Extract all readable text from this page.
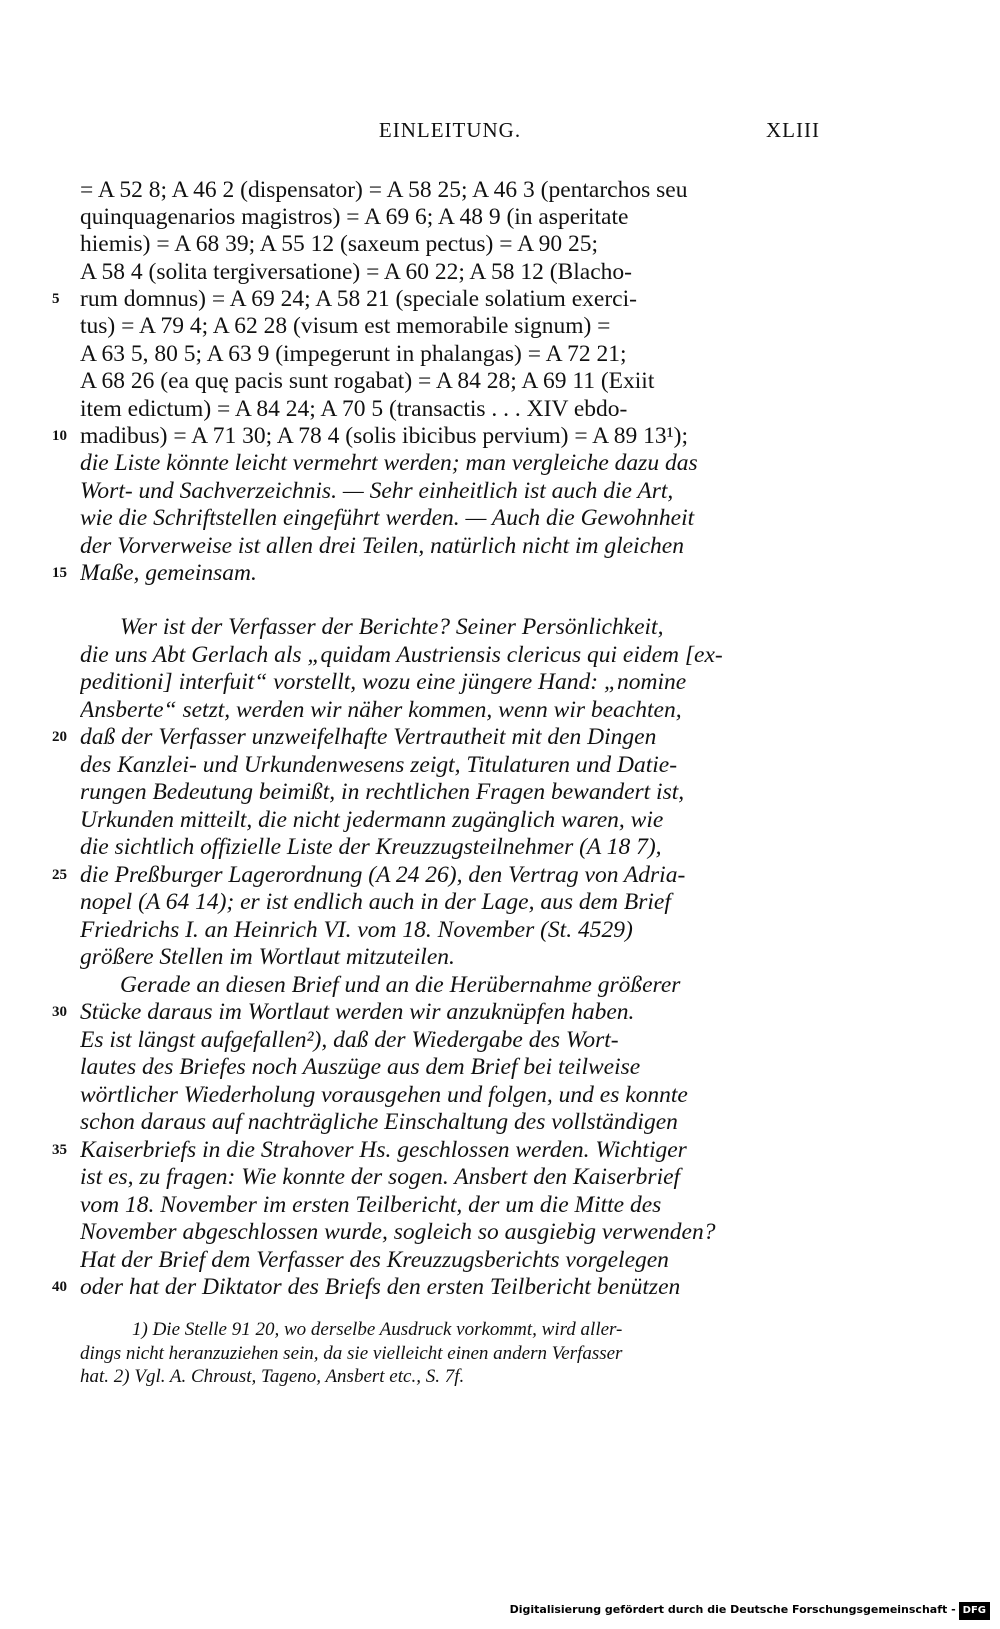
EINLEITUNG.	XLIII
= A 52 8; A 46 2 (dispensator) = A 58 25; A 46 3 (pentarchos seu
quinquagenarios magistros) = A 69 6; A 48 9 (in asperitate
hiemis) = A 68 39; A 55 12 (saxeum pectus) = A 90 25;
A 58 4 (solita tergiversatione) = A 60 22; A 58 12 (Blacho-
rum domnus) = A 69 24; A 58 21 (speciale solatium exerci-
5
tus) = A 79 4; A 62 28 (visum est memorabile signum) =
A 63 5, 80 5; A 63 9 (impegerunt in phalangas) = A 72 21;
A 68 26 (ea quę pacis sunt rogabat) = A 84 28; A 69 11 (Exiit
item edictum) = A 84 24; A 70 5 (transactis . . . XIV ebdo-
madibus) = A 71 30; A 78 4 (solis ibicibus pervium) = A 89 13¹);
10
die Liste könnte leicht vermehrt werden; man vergleiche dazu das
Wort- und Sachverzeichnis. — Sehr einheitlich ist auch die Art,
wie die Schriftstellen eingeführt werden. — Auch die Gewohnheit
der Vorverweise ist allen drei Teilen, natürlich nicht im gleichen
Maße, gemeinsam.
15
Wer ist der Verfasser der Berichte? Seiner Persönlichkeit,
die uns Abt Gerlach als „quidam Austriensis clericus qui eidem [ex-
peditioni] interfuit“ vorstellt, wozu eine jüngere Hand: „nomine
Ansberte“ setzt, werden wir näher kommen, wenn wir beachten,
daß der Verfasser unzweifelhafte Vertrautheit mit den Dingen
20
des Kanzlei- und Urkundenwesens zeigt, Titulaturen und Datie-
rungen Bedeutung beimißt, in rechtlichen Fragen bewandert ist,
Urkunden mitteilt, die nicht jedermann zugänglich waren, wie
die sichtlich offizielle Liste der Kreuzzugsteilnehmer (A 18 7),
die Preßburger Lagerordnung (A 24 26), den Vertrag von Adria-
25
nopel (A 64 14); er ist endlich auch in der Lage, aus dem Brief
Friedrichs I. an Heinrich VI. vom 18. November (St. 4529)
größere Stellen im Wortlaut mitzuteilen.
Gerade an diesen Brief und an die Herübernahme größerer
Stücke daraus im Wortlaut werden wir anzuknüpfen haben.
30
Es ist längst aufgefallen²), daß der Wiedergabe des Wort-
lautes des Briefes noch Auszüge aus dem Brief bei teilweise
wörtlicher Wiederholung vorausgehen und folgen, und es konnte
schon daraus auf nachträgliche Einschaltung des vollständigen
Kaiserbriefs in die Strahover Hs. geschlossen werden. Wichtiger
35
ist es, zu fragen: Wie konnte der sogen. Ansbert den Kaiserbrief
vom 18. November im ersten Teilbericht, der um die Mitte des
November abgeschlossen wurde, sogleich so ausgiebig verwenden?
Hat der Brief dem Verfasser des Kreuzzugsberichts vorgelegen
oder hat der Diktator des Briefs den ersten Teilbericht benützen
40
1) Die Stelle 91 20, wo derselbe Ausdruck vorkommt, wird aller-
dings nicht heranzuziehen sein, da sie vielleicht einen andern Verfasser
hat. 2) Vgl. A. Chroust, Tageno, Ansbert etc., S. 7f.
Digitalisierung gefördert durch die Deutsche Forschungsgemeinschaft - DFG
